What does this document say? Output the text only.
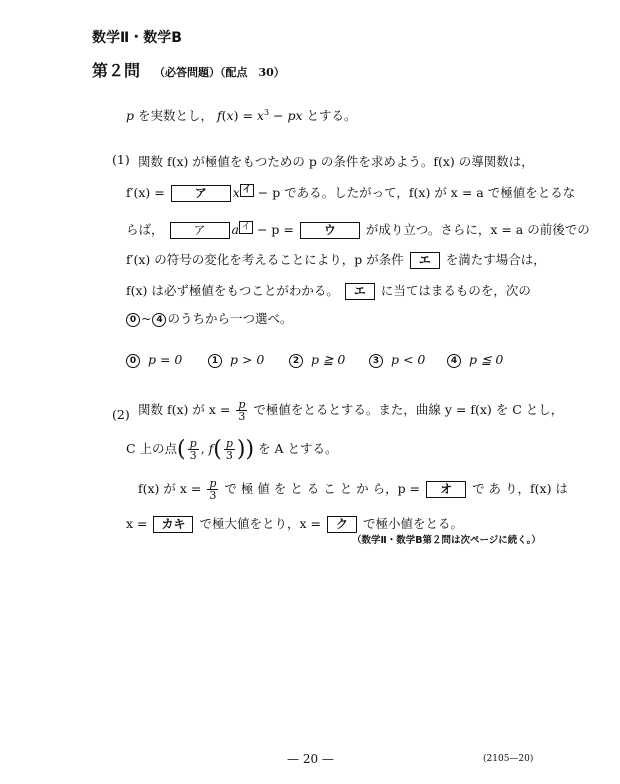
数学Ⅱ・数学B
第２問 （必答問題）（配点　30）
p を実数とし， $f(x) = x^3$ − px とする。
(1) 関数 f(x) が極値をもつための p の条件を求めよう。f(x) の導関数は，
f′(x) = ア x イ − p である。したがって，f(x) が x = a で極値をとるな
らば， ア a イ − p = ウ が成り立つ。さらに，x = a の前後での
f′(x) の符号の変化を考えることにより，p が条件 エ を満たす場合は，
f(x) は必ず極値をもつことがわかる。 エ に当てはまるものを，次の
0 ~ 4 のうちから一つ選べ。
0 p = 0	1 p > 0	2 p ≧ 0	3 p < 0	4 p ≦ 0
(2) 関数 f(x) が $x = \frac{p}{3}$ で極値をとるとする。また，曲線 y = f(x) を C とし，
C 上の点( $\frac{p}{3}$ , $f( \frac{p}{3}$ )) を A とする。
f(x) が $x = \frac{p}{3}$ で 極 値 を と る こ と か ら，p = オ で あ り，f(x) は
x = カキ で極大値をとり，x = ク で極小値をとる。
（数学Ⅱ・数学B第２問は次ページに続く。）
— 20 —	(2105—20)
